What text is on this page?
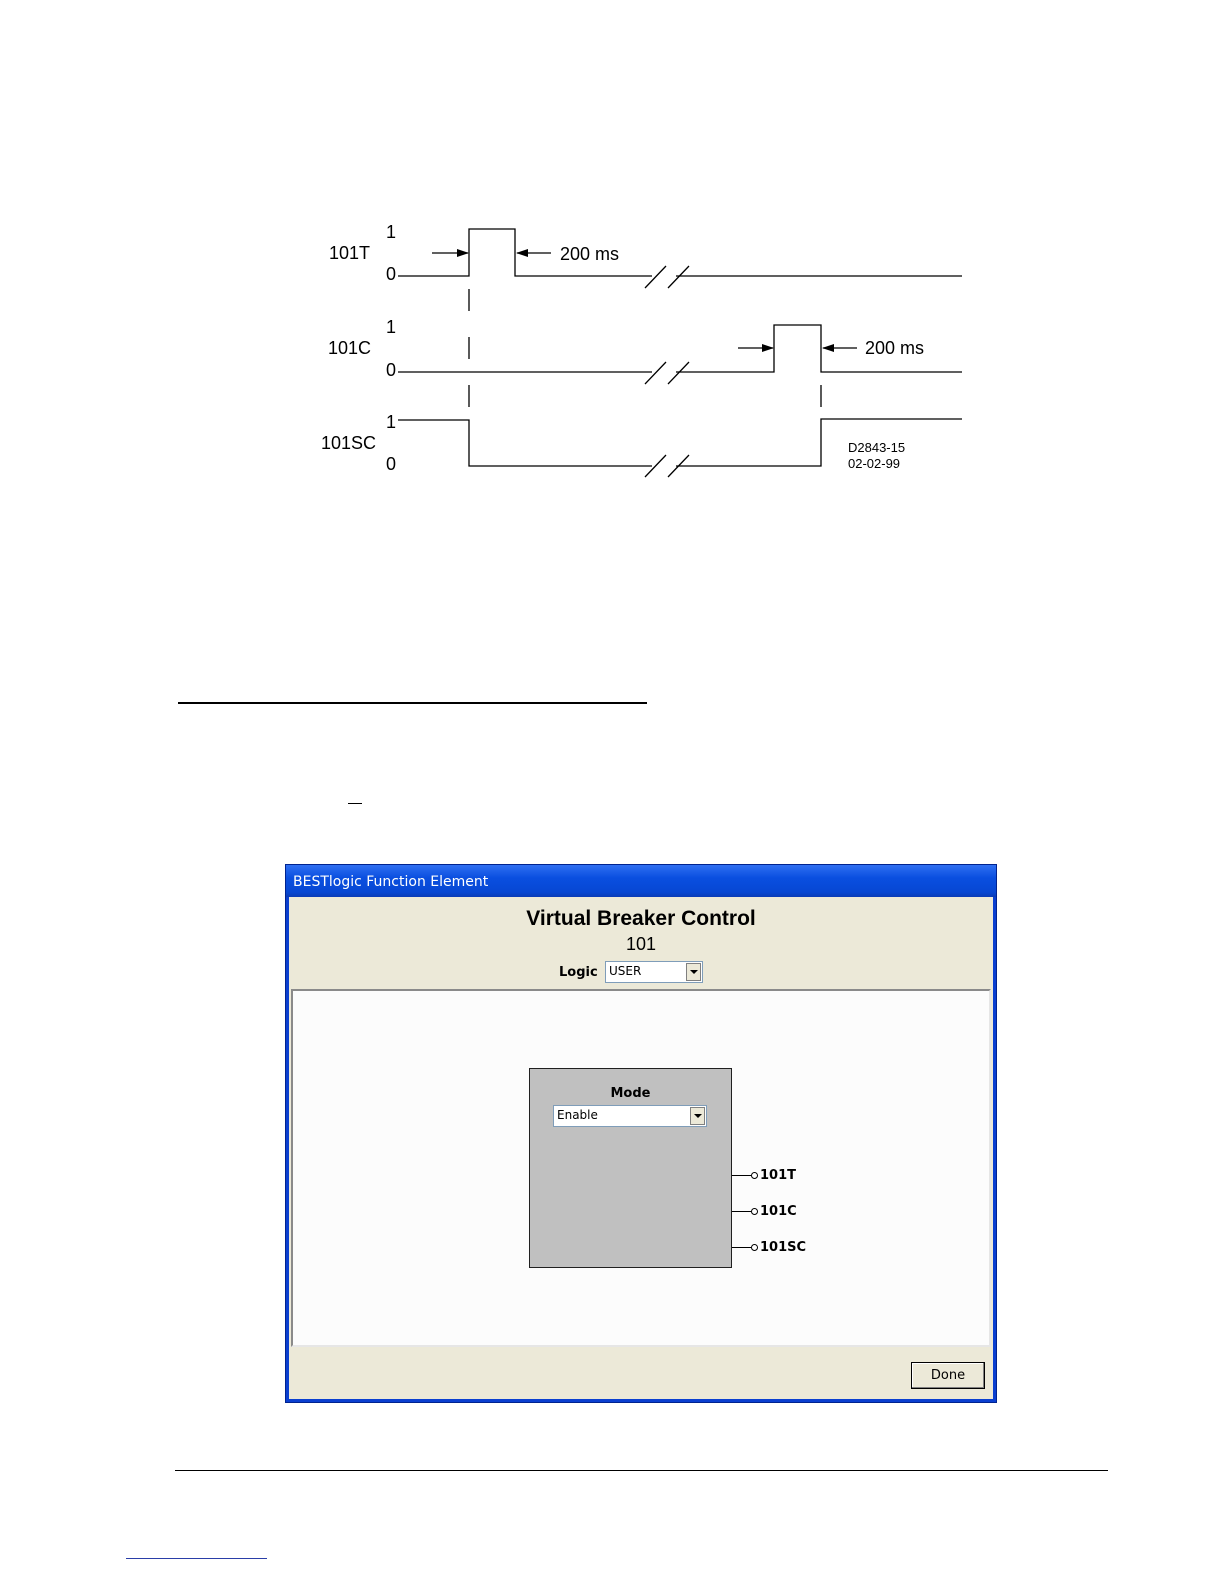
101T
1
0
101C
1
0
101SC
1
0
200 ms
200 ms
D2843-15
02-02-99
BESTlogic Function Element
Virtual Breaker Control
101
Logic USER
Mode
Enable
101T
101C
101SC
Done
